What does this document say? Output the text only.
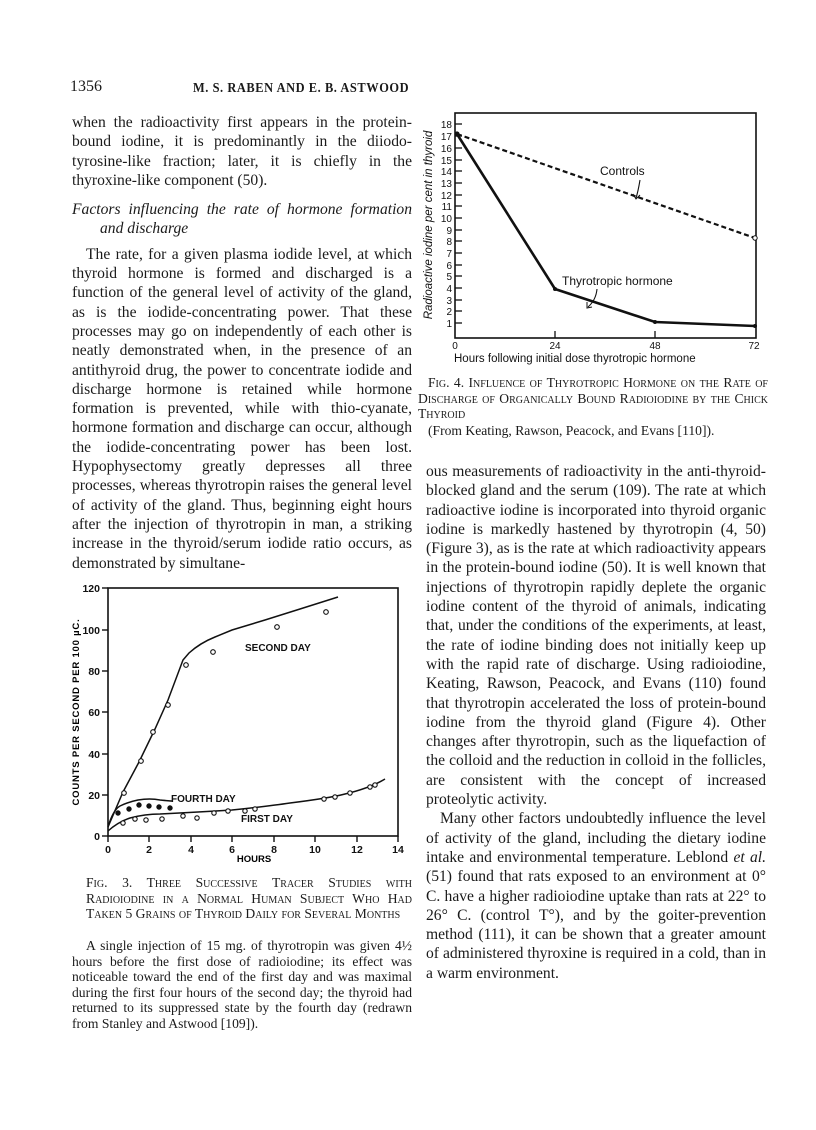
1356	M. S. RABEN AND E. B. ASTWOOD

when the radioactivity first appears in the protein-bound iodine, it is predominantly in the diiodo-tyrosine-like fraction; later, it is chiefly in the thyroxine-like component (50).

Factors influencing the rate of hormone formation and discharge

The rate, for a given plasma iodide level, at which thyroid hormone is formed and discharged is a function of the general level of activity of the gland, as is the iodide-concentrating power. That these processes may go on independently of each other is neatly demonstrated when, in the presence of an antithyroid drug, the power to concentrate iodide and discharge hormone is retained while hormone formation is prevented, while with thio-cyanate, hormone formation and discharge can occur, although the iodide-concentrating power has been lost. Hypophysectomy greatly depresses all three processes, whereas thyrotropin raises the general level of activity of the gland. Thus, beginning eight hours after the injection of thyrotropin in man, a striking increase in the thyroid/serum iodide ratio occurs, as demonstrated by simultane-

0
20
40
60
80
100
120
0	2	4	6	8	10	12	14
HOURS
COUNTS PER SECOND PER 100 µC.	SECOND DAY
FOURTH DAY
FIRST DAY
Fig. 3. Three Successive Tracer Studies with Radioiodine in a Normal Human Subject Who Had Taken 5 Grains of Thyroid Daily for Several Months
A single injection of 15 mg. of thyrotropin was given 4½ hours before the first dose of radioiodine; its effect was noticeable toward the end of the first day and was maximal during the first four hours of the second day; the thyroid had returned to its suppressed state by the fourth day (redrawn from Stanley and Astwood [109]).
1
2
3
4
5
6
7
8
9
10
11
12
13
14
15
16
17
18
0	24	48	72
Hours following initial dose thyrotropic hormone
Radioactive iodine per cent in thyroid	Controls
Thyrotropic hormone
Fig. 4. Influence of Thyrotropic Hormone on the Rate of Discharge of Organically Bound Radioiodine by the Chick Thyroid
(From Keating, Rawson, Peacock, and Evans [110]).

ous measurements of radioactivity in the anti-thyroid-blocked gland and the serum (109). The rate at which radioactive iodine is incorporated into thyroid organic iodine is markedly hastened by thyrotropin (4, 50) (Figure 3), as is the rate at which radioactivity appears in the protein-bound iodine (50). It is well known that injections of thyrotropin rapidly deplete the organic iodine content of the thyroid of animals, indicating that, under the conditions of the experiments, at least, the rate of iodine binding does not initially keep up with the rapid rate of discharge. Using radioiodine, Keating, Rawson, Peacock, and Evans (110) found that thyrotropin accelerated the loss of protein-bound iodine from the thyroid gland (Figure 4). Other changes after thyrotropin, such as the liquefaction of the colloid and the reduction in colloid in the follicles, are consistent with the concept of increased proteolytic activity.

Many other factors undoubtedly influence the level of activity of the gland, including the dietary iodine intake and environmental temperature. Leblond et al. (51) found that rats exposed to an environment at 0° C. have a higher radioiodine uptake than rats at 22° to 26° C. (control T°), and by the goiter-prevention method (111), it can be shown that a greater amount of administered thyroxine is required in a cold, than in a warm environment.
